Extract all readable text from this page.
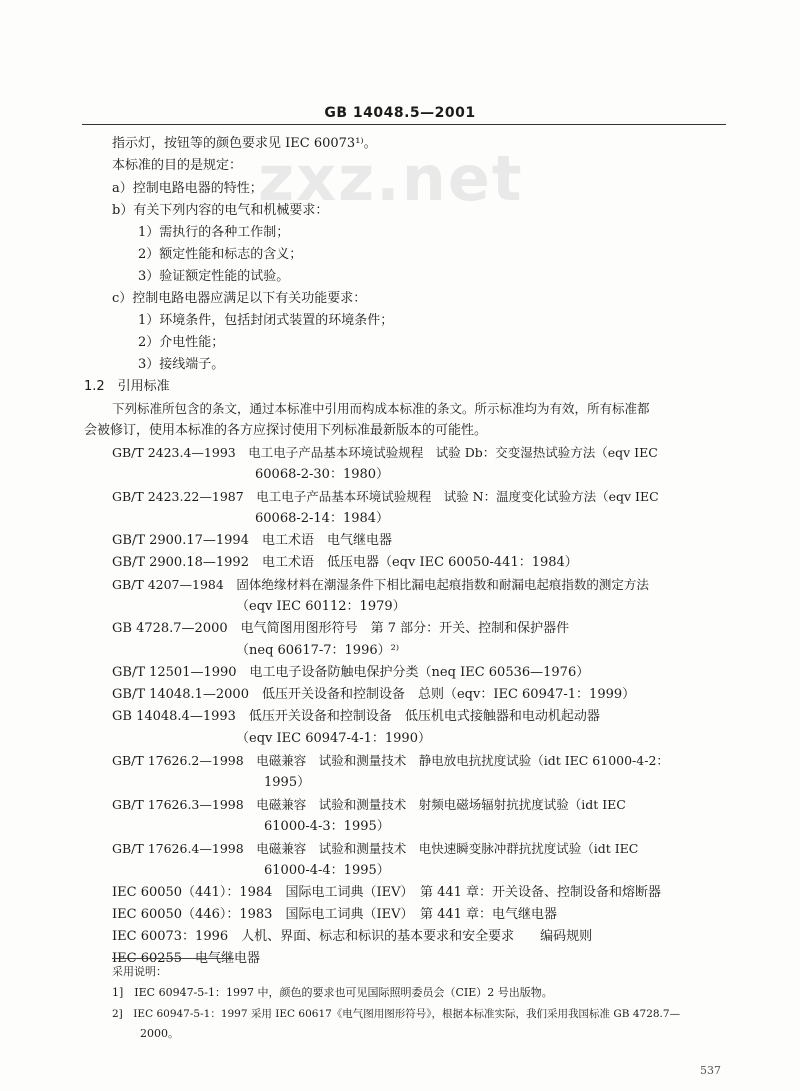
GB 14048.5—2001
zxz.net
指示灯，按钮等的颜色要求见 IEC 60073¹⁾。
本标准的目的是规定：
a）控制电路电器的特性；
b）有关下列内容的电气和机械要求：
1）需执行的各种工作制；
2）额定性能和标志的含义；
3）验证额定性能的试验。
c）控制电路电器应满足以下有关功能要求：
1）环境条件，包括封闭式装置的环境条件；
2）介电性能；
3）接线端子。
1.2　引用标准
下列标准所包含的条文，通过本标准中引用而构成本标准的条文。所示标准均为有效，所有标准都
会被修订，使用本标准的各方应探讨使用下列标准最新版本的可能性。
GB/T 2423.4—1993　电工电子产品基本环境试验规程　试验 Db：交变湿热试验方法（eqv IEC
60068-2-30：1980）
GB/T 2423.22—1987　电工电子产品基本环境试验规程　试验 N：温度变化试验方法（eqv IEC
60068-2-14：1984）
GB/T 2900.17—1994　电工术语　电气继电器
GB/T 2900.18—1992　电工术语　低压电器（eqv IEC 60050-441：1984）
GB/T 4207—1984　固体绝缘材料在潮湿条件下相比漏电起痕指数和耐漏电起痕指数的测定方法
（eqv IEC 60112：1979）
GB 4728.7—2000　电气简图用图形符号　第 7 部分：开关、控制和保护器件
（neq 60617-7：1996）²⁾
GB/T 12501—1990　电工电子设备防触电保护分类（neq IEC 60536—1976）
GB/T 14048.1—2000　低压开关设备和控制设备　总则（eqv：IEC 60947-1：1999）
GB 14048.4—1993　低压开关设备和控制设备　低压机电式接触器和电动机起动器
（eqv IEC 60947-4-1：1990）
GB/T 17626.2—1998　电磁兼容　试验和测量技术　静电放电抗扰度试验（idt IEC 61000-4-2：
1995）
GB/T 17626.3—1998　电磁兼容　试验和测量技术　射频电磁场辐射抗扰度试验（idt IEC
61000-4-3：1995）
GB/T 17626.4—1998　电磁兼容　试验和测量技术　电快速瞬变脉冲群抗扰度试验（idt IEC
61000-4-4：1995）
IEC 60050（441）：1984　国际电工词典（IEV）　第 441 章：开关设备、控制设备和熔断器
IEC 60050（446）：1983　国际电工词典（IEV）　第 441 章：电气继电器
IEC 60073：1996　人机、界面、标志和标识的基本要求和安全要求　　编码规则
IEC 60255　电气继电器
采用说明：
1]　IEC 60947-5-1：1997 中，颜色的要求也可见国际照明委员会（CIE）2 号出版物。
2]　IEC 60947-5-1：1997 采用 IEC 60617《电气图用图形符号》，根据本标准实际，我们采用我国标准 GB 4728.7—
2000。
537
